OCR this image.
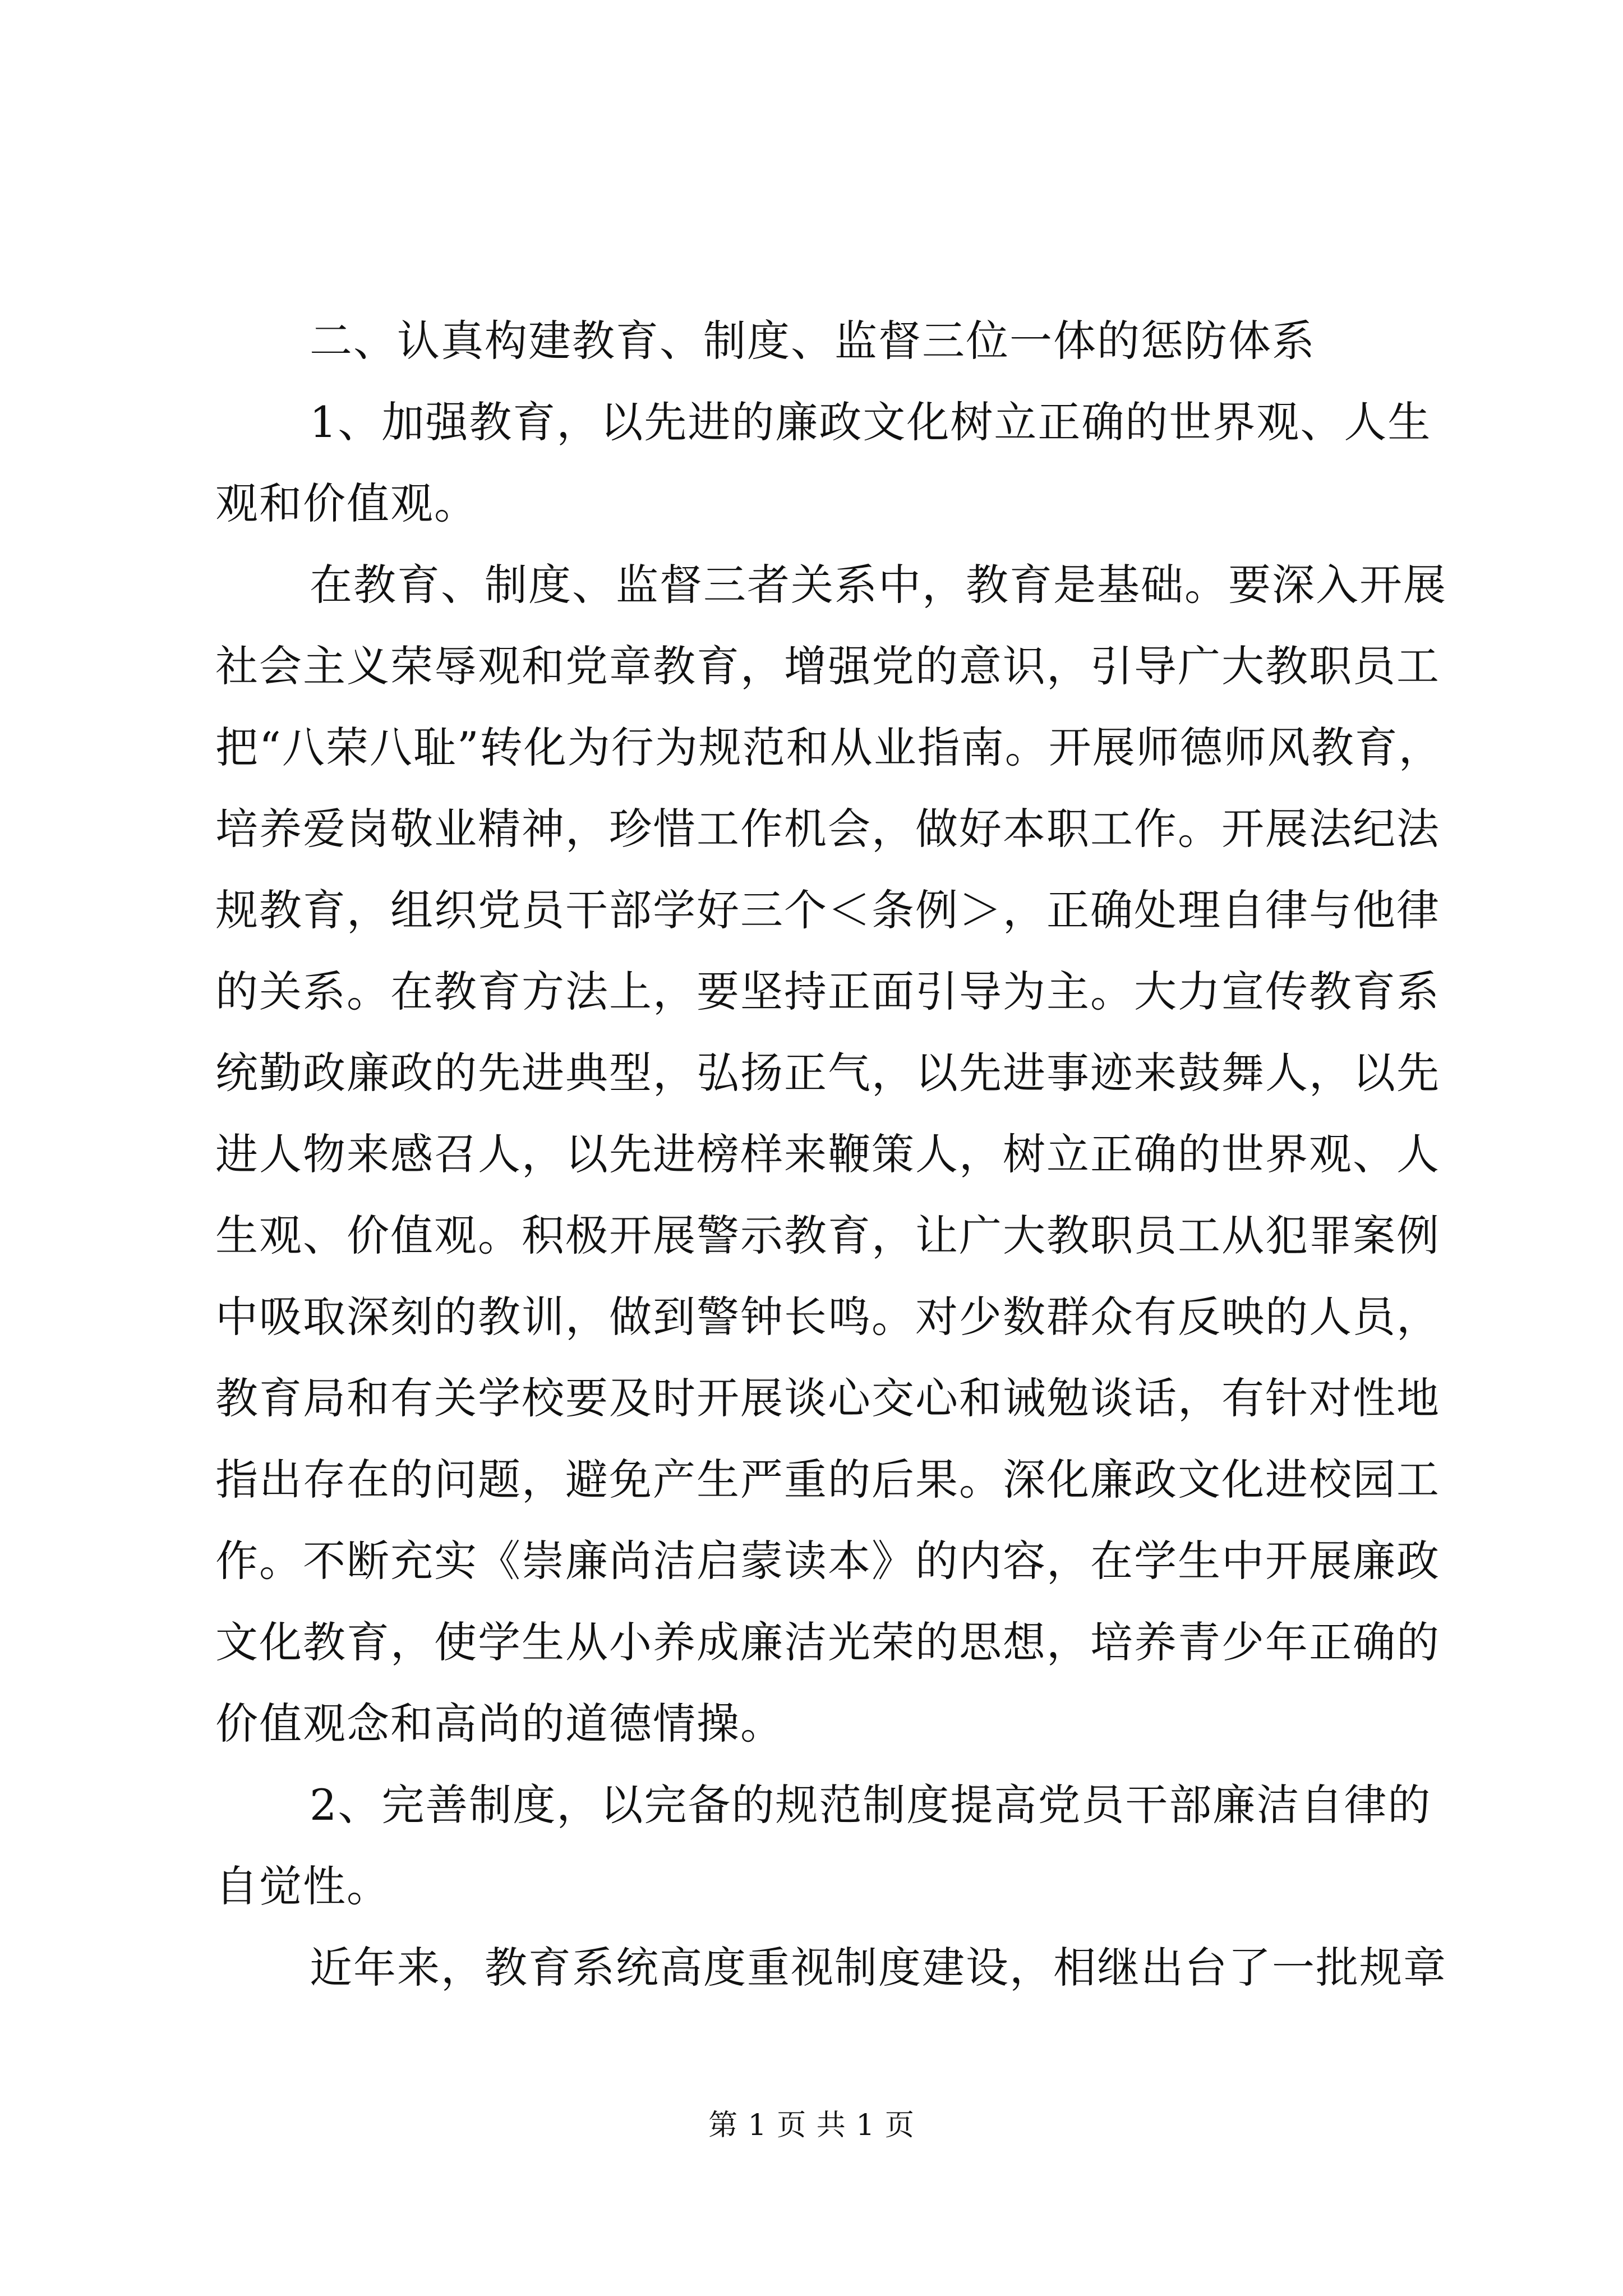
二、认真构建教育、制度、监督三位一体的惩防体系
1、加强教育，以先进的廉政文化树立正确的世界观、人生
观和价值观。
在教育、制度、监督三者关系中，教育是基础。要深入开展
社会主义荣辱观和党章教育，增强党的意识，引导广大教职员工
把“八荣八耻”转化为行为规范和从业指南。开展师德师风教育，
培养爱岗敬业精神，珍惜工作机会，做好本职工作。开展法纪法
规教育，组织党员干部学好三个＜条例＞，正确处理自律与他律
的关系。在教育方法上，要坚持正面引导为主。大力宣传教育系
统勤政廉政的先进典型，弘扬正气，以先进事迹来鼓舞人，以先
进人物来感召人，以先进榜样来鞭策人，树立正确的世界观、人
生观、价值观。积极开展警示教育，让广大教职员工从犯罪案例
中吸取深刻的教训，做到警钟长鸣。对少数群众有反映的人员，
教育局和有关学校要及时开展谈心交心和诫勉谈话，有针对性地
指出存在的问题，避免产生严重的后果。深化廉政文化进校园工
作。不断充实《崇廉尚洁启蒙读本》的内容，在学生中开展廉政
文化教育，使学生从小养成廉洁光荣的思想，培养青少年正确的
价值观念和高尚的道德情操。
2、完善制度，以完备的规范制度提高党员干部廉洁自律的
自觉性。
近年来，教育系统高度重视制度建设，相继出台了一批规章
第 1 页 共 1 页
